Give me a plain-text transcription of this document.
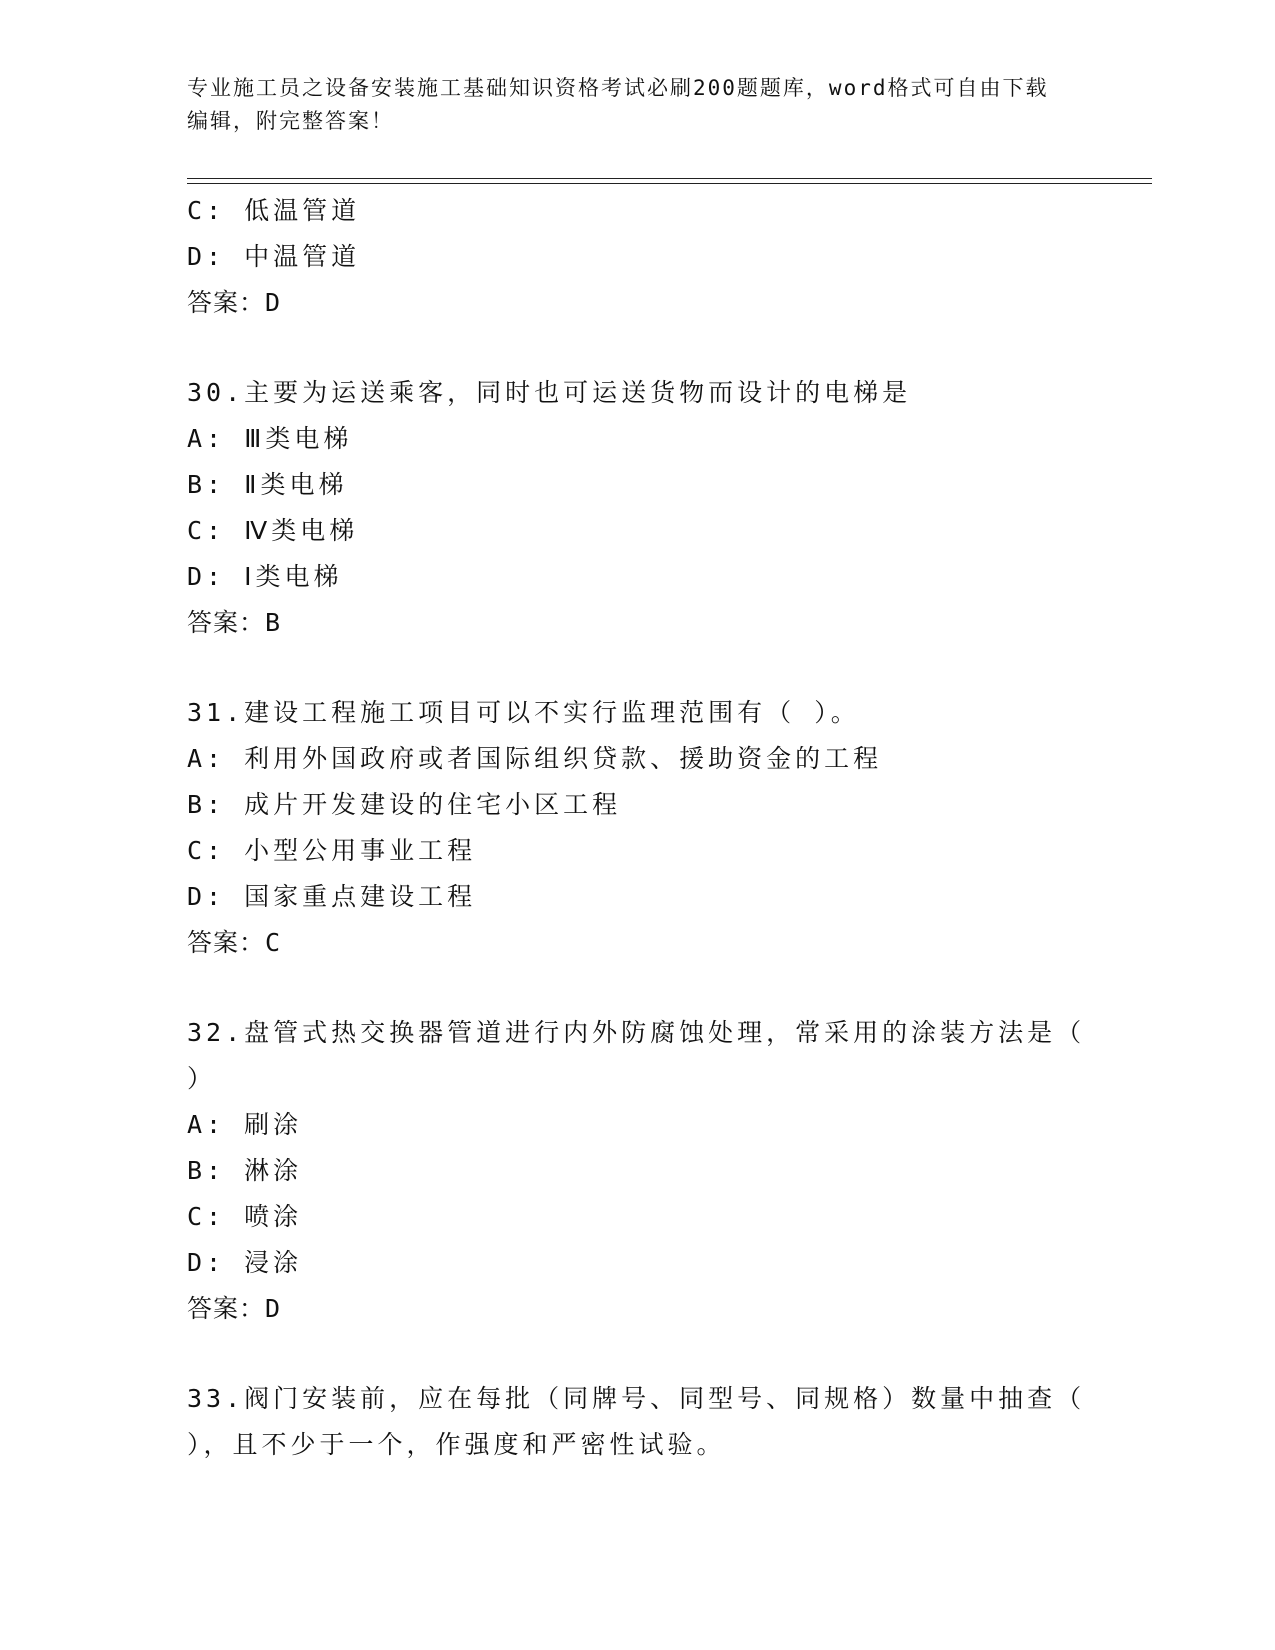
专业施工员之设备安装施工基础知识资格考试必刷200题题库，word格式可自由下载编辑，附完整答案！
C: 低温管道
D: 中温管道
答案：D
30.主要为运送乘客，同时也可运送货物而设计的电梯是
A: Ⅲ类电梯
B: Ⅱ类电梯
C: Ⅳ类电梯
D: Ⅰ类电梯
答案：B
31.建设工程施工项目可以不实行监理范围有（ ）。
A: 利用外国政府或者国际组织贷款、援助资金的工程
B: 成片开发建设的住宅小区工程
C: 小型公用事业工程
D: 国家重点建设工程
答案：C
32.盘管式热交换器管道进行内外防腐蚀处理，常采用的涂装方法是（
）
A: 刷涂
B: 淋涂
C: 喷涂
D: 浸涂
答案：D
33.阀门安装前，应在每批（同牌号、同型号、同规格）数量中抽查（
），且不少于一个，作强度和严密性试验。
